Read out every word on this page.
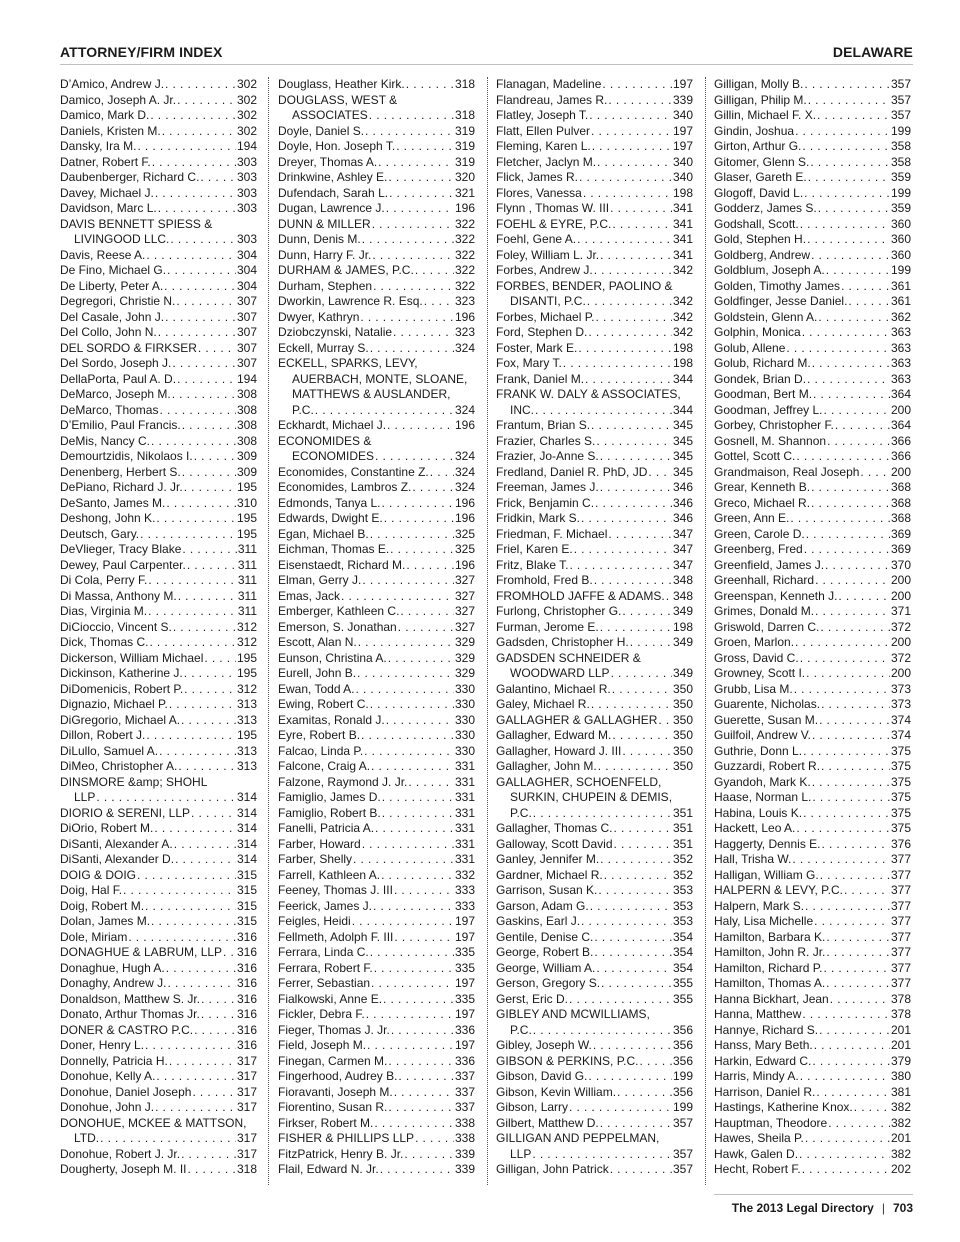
ATTORNEY/FIRM INDEX	DELAWARE
D’Amico, Andrew J. . . .	302
Damico, Joseph A. Jr. . . .	302
Damico, Mark D. . . .	302
Daniels, Kristen M. . . .	302
Dansky, Ira M. . . .	194
Datner, Robert F. . . .	303
Daubenberger, Richard C. . . .	303
Davey, Michael J. . . .	303
Davidson, Marc L. . . .	303
DAVIS BENNETT SPIESS &
LIVINGOOD LLC. . . .	303
Davis, Reese A. . . .	304
De Fino, Michael G. . . .	304
De Liberty, Peter A. . . .	304
Degregori, Christie N. . . .	307
Del Casale, John J. . . .	307
Del Collo, John N. . . .	307
DEL SORDO & FIRKSER . . .	307
Del Sordo, Joseph J. . . .	307
DellaPorta, Paul A. D. . . .	194
DeMarco, Joseph M. . . .	308
DeMarco, Thomas . . .	308
D’Emilio, Paul Francis. . . .	308
DeMis, Nancy C. . . .	308
Demourtzidis, Nikolaos I. . . .	309
Denenberg, Herbert S. . . .	309
DePiano, Richard J. Jr. . . .	195
DeSanto, James M. . . .	310
Deshong, John K. . . .	195
Deutsch, Gary. . . .	195
DeVlieger, Tracy Blake . . .	311
Dewey, Paul Carpenter. . . .	311
Di Cola, Perry F. . . .	311
Di Massa, Anthony M. . . .	311
Dias, Virginia M. . . .	311
DiCioccio, Vincent S. . . .	312
Dick, Thomas C. . . .	312
Dickerson, William Michael . . .	195
Dickinson, Katherine J. . . .	195
DiDomenicis, Robert P. . . .	312
Dignazio, Michael P. . . .	313
DiGregorio, Michael A. . . .	313
Dillon, Robert J. . . .	195
DiLullo, Samuel A. . . .	313
DiMeo, Christopher A. . . .	313
DINSMORE &amp; SHOHL
LLP . . .	314
DIORIO & SERENI, LLP . . .	314
DiOrio, Robert M. . . .	314
DiSanti, Alexander A. . . .	314
DiSanti, Alexander D. . . .	314
DOIG & DOIG . . .	315
Doig, Hal F. . . .	315
Doig, Robert M. . . .	315
Dolan, James M. . . .	315
Dole, Miriam . . .	316
DONAGHUE & LABRUM, LLP . . . 316
Donaghue, Hugh A. . . .	316
Donaghy, Andrew J. . . .	316
Donaldson, Matthew S. Jr. . . .	316
Donato, Arthur Thomas Jr. . . .	316
DONER & CASTRO P.C. . . .	316
Doner, Henry L. . . .	316
Donnelly, Patricia H. . . .	317
Donohue, Kelly A. . . .	317
Donohue, Daniel Joseph . . .	317
Donohue, John J. . . .	317
DONOHUE, MCKEE & MATTSON,
LTD. . . .	317
Donohue, Robert J. Jr. . . .	317
Dougherty, Joseph M. II . . .	318
Douglass, Heather Kirk. . . .	318
DOUGLASS, WEST &
ASSOCIATES . . .	318
Doyle, Daniel S. . . .	319
Doyle, Hon. Joseph T. . . .	319
Dreyer, Thomas A. . . .	319
Drinkwine, Ashley E. . . .	320
Dufendach, Sarah L. . . .	321
Dugan, Lawrence J. . . .	196
DUNN & MILLER . . .	322
Dunn, Denis M. . . .	322
Dunn, Harry F. Jr. . . .	322
DURHAM & JAMES, P.C. . . .	322
Durham, Stephen . . .	322
Dworkin, Lawrence R. Esq. . . .	323
Dwyer, Kathryn . . .	196
Dziobczynski, Natalie . . .	323
Eckell, Murray S. . . .	324
ECKELL, SPARKS, LEVY,
AUERBACH, MONTE, SLOANE,
MATTHEWS & AUSLANDER,
P.C. . . .	324
Eckhardt, Michael J. . . .	196
ECONOMIDES &
ECONOMIDES . . .	324
Economides, Constantine Z. . . . 324
Economides, Lambros Z. . . .	324
Edmonds, Tanya L. . . .	196
Edwards, Dwight E. . . .	196
Egan, Michael B. . . .	325
Eichman, Thomas E. . . .	325
Eisenstaedt, Richard M. . . .	196
Elman, Gerry J. . . .	327
Emas, Jack . . .	327
Emberger, Kathleen C. . . .	327
Emerson, S. Jonathan . . .	327
Escott, Alan N. . . .	329
Eunson, Christina A. . . .	329
Eurell, John B. . . .	329
Ewan, Todd A. . . .	330
Ewing, Robert C. . . .	330
Examitas, Ronald J. . . .	330
Eyre, Robert B. . . .	330
Falcao, Linda P. . . .	330
Falcone, Craig A. . . .	331
Falzone, Raymond J. Jr. . . .	331
Famiglio, James D. . . .	331
Famiglio, Robert B. . . .	331
Fanelli, Patricia A. . . .	331
Farber, Howard . . .	331
Farber, Shelly . . .	331
Farrell, Kathleen A. . . .	332
Feeney, Thomas J. III . . .	333
Feerick, James J. . . .	333
Feigles, Heidi . . .	197
Fellmeth, Adolph F. III . . .	197
Ferrara, Linda C. . . .	335
Ferrara, Robert F. . . .	335
Ferrer, Sebastian . . .	197
Fialkowski, Anne E. . . .	335
Fickler, Debra F. . . .	197
Fieger, Thomas J. Jr. . . .	336
Field, Joseph M. . . .	197
Finegan, Carmen M. . . .	336
Fingerhood, Audrey B. . . .	337
Fioravanti, Joseph M. . . .	337
Fiorentino, Susan R. . . .	337
Firkser, Robert M. . . .	338
FISHER & PHILLIPS LLP . . .	338
FitzPatrick, Henry B. Jr. . . .	339
Flail, Edward N. Jr. . . .	339
Flanagan, Madeline . . .	197
Flandreau, James R. . . .	339
Flatley, Joseph T. . . .	340
Flatt, Ellen Pulver . . .	197
Fleming, Karen L. . . .	197
Fletcher, Jaclyn M. . . .	340
Flick, James R. . . .	340
Flores, Vanessa . . .	198
Flynn , Thomas W. III . . .	341
FOEHL & EYRE, P.C. . . .	341
Foehl, Gene A. . . .	341
Foley, William L. Jr. . . .	341
Forbes, Andrew J. . . .	342
FORBES, BENDER, PAOLINO &
DISANTI, P.C. . . .	342
Forbes, Michael P. . . .	342
Ford, Stephen D. . . .	342
Foster, Mark E. . . .	198
Fox, Mary T. . . .	198
Frank, Daniel M. . . .	344
FRANK W. DALY & ASSOCIATES,
INC. . . .	344
Frantum, Brian S. . . .	345
Frazier, Charles S. . . .	345
Frazier, Jo-Anne S. . . .	345
Fredland, Daniel R. PhD, JD . . . 345
Freeman, James J. . . .	346
Frick, Benjamin C. . . .	346
Fridkin, Mark S. . . .	346
Friedman, F. Michael . . .	347
Friel, Karen E. . . .	347
Fritz, Blake T. . . .	347
Fromhold, Fred B. . . .	348
FROMHOLD JAFFE & ADAMS. . . . 348
Furlong, Christopher G. . . .	349
Furman, Jerome E. . . .	198
Gadsden, Christopher H. . . .	349
GADSDEN SCHNEIDER &
WOODWARD LLP . . .	349
Galantino, Michael R. . . .	350
Galey, Michael R. . . .	350
GALLAGHER & GALLAGHER . . . 350
Gallagher, Edward M. . . .	350
Gallagher, Howard J. III . . .	350
Gallagher, John M. . . .	350
GALLAGHER, SCHOENFELD,
SURKIN, CHUPEIN & DEMIS,
P.C. . . .	351
Gallagher, Thomas C. . . .	351
Galloway, Scott David . . .	351
Ganley, Jennifer M. . . .	352
Gardner, Michael R. . . .	352
Garrison, Susan K. . . .	353
Garson, Adam G. . . .	353
Gaskins, Earl J. . . .	353
Gentile, Denise C. . . .	354
George, Robert B. . . .	354
George, William A. . . .	354
Gerson, Gregory S. . . .	355
Gerst, Eric D. . . .	355
GIBLEY AND MCWILLIAMS,
P.C. . . .	356
Gibley, Joseph W. . . .	356
GIBSON & PERKINS, P.C. . . .	356
Gibson, David G. . . .	199
Gibson, Kevin William. . . .	356
Gibson, Larry . . .	199
Gilbert, Matthew D. . . .	357
GILLIGAN AND PEPPELMAN,
LLP . . .	357
Gilligan, John Patrick . . .	357
Gilligan, Molly B. . . .	357
Gilligan, Philip M. . . .	357
Gillin, Michael F. X. . . .	357
Gindin, Joshua . . .	199
Girton, Arthur G. . . .	358
Gitomer, Glenn S. . . .	358
Glaser, Gareth E. . . .	359
Glogoff, David L. . . .	199
Godderz, James S. . . .	359
Godshall, Scott. . . .	360
Gold, Stephen H. . . .	360
Goldberg, Andrew . . .	360
Goldblum, Joseph A. . . .	199
Golden, Timothy James . . .	361
Goldfinger, Jesse Daniel. . . .	361
Goldstein, Glenn A. . . .	362
Golphin, Monica . . .	363
Golub, Allene . . .	363
Golub, Richard M. . . .	363
Gondek, Brian D. . . .	363
Goodman, Bert M. . . .	364
Goodman, Jeffrey L. . . .	200
Gorbey, Christopher F. . . .	364
Gosnell, M. Shannon . . .	366
Gottel, Scott C. . . .	366
Grandmaison, Real Joseph . . .	200
Grear, Kenneth B. . . .	368
Greco, Michael R. . . .	368
Green, Ann E. . . .	368
Green, Carole D. . . .	369
Greenberg, Fred . . .	369
Greenfield, James J. . . .	370
Greenhall, Richard . . .	200
Greenspan, Kenneth J. . . .	200
Grimes, Donald M. . . .	371
Griswold, Darren C. . . .	372
Groen, Marlon. . . .	200
Gross, David C. . . .	372
Growney, Scott I. . . .	200
Grubb, Lisa M. . . .	373
Guarente, Nicholas. . . .	373
Guerette, Susan M. . . .	374
Guilfoil, Andrew V. . . .	374
Guthrie, Donn L. . . .	375
Guzzardi, Robert R. . . .	375
Gyandoh, Mark K. . . .	375
Haase, Norman L. . . .	375
Habina, Louis K. . . .	375
Hackett, Leo A. . . .	375
Haggerty, Dennis E. . . .	376
Hall, Trisha W. . . .	377
Halligan, William G. . . .	377
HALPERN & LEVY, P.C. . . .	377
Halpern, Mark S. . . .	377
Haly, Lisa Michelle . . .	377
Hamilton, Barbara K. . . .	377
Hamilton, John R. Jr. . . .	377
Hamilton, Richard P. . . .	377
Hamilton, Thomas A. . . .	377
Hanna Bickhart, Jean . . .	378
Hanna, Matthew . . .	378
Hannye, Richard S. . . .	201
Hanss, Mary Beth. . . .	201
Harkin, Edward C. . . .	379
Harris, Mindy A. . . .	380
Harrison, Daniel R. . . .	381
Hastings, Katherine Knox. . . .	382
Hauptman, Theodore . . .	382
Hawes, Sheila P. . . .	201
Hawk, Galen D. . . .	382
Hecht, Robert F. . . .	202
The 2013 Legal Directory | 703
